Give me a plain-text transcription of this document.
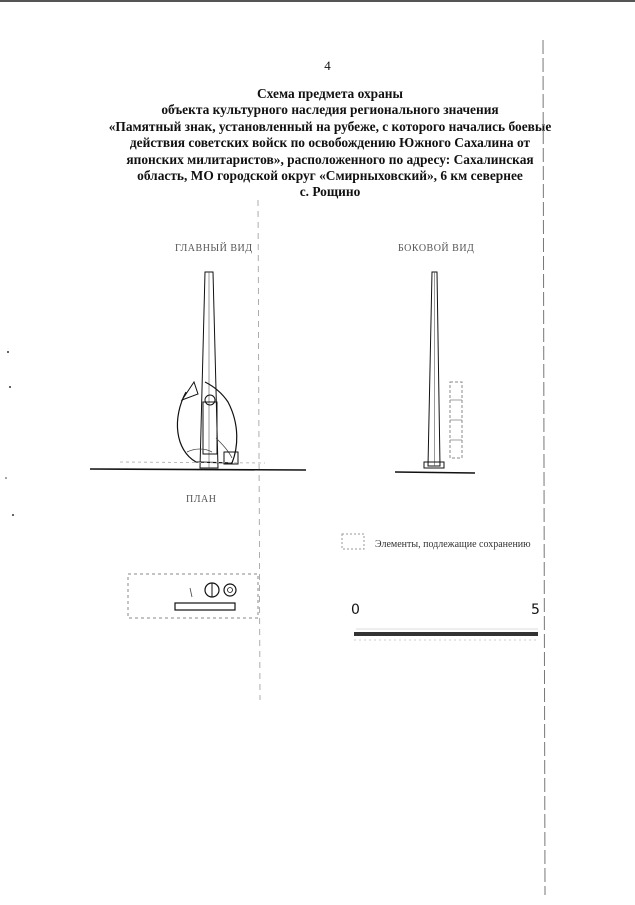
4
Схема предмета охраны
объекта культурного наследия регионального значения
«Памятный знак, установленный на рубеже, с которого начались боевые
действия советских войск по освобождению Южного Сахалина от
японских милитаристов», расположенного по адресу: Сахалинская
область, МО городской округ «Смирныховский», 6 км севернее
с. Рощино
ГЛАВНЫЙ ВИД	БОКОВОЙ ВИД
ПЛАН
Элементы, подлежащие сохранению
0	5
